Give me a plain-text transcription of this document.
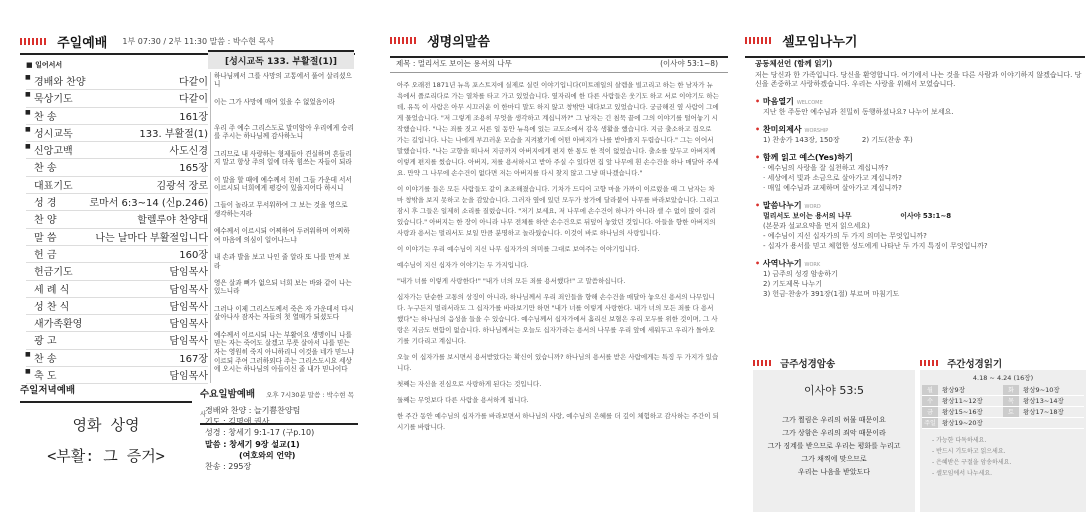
주일예배 1부 07:30 / 2부 11:30 말씀 : 박수현 목사
■ 일어서서
■ 경배와 찬양	다같이
■ 묵상기도	다같이
■ 찬 송	161장
■ 성시교독	133. 부활절(1)
■ 신앙고백	사도신경
찬 송	165장
대표기도	김광석 장로
성 경	로마서 6:3~14 (신p.246)
찬 양	할렐루야 찬양대
말 씀	나는 날마다 부활절입니다
헌 금	160장
헌금기도	담임목사
세 례 식	담임목사
성 찬 식	담임목사
새가족환영	담임목사
광 고	담임목사
■ 찬 송	167장
■ 축 도	담임목사
[성시교독 133. 부활절(1)]
하나님께서 그를 사망의 고통에서 풀어 살리셨으니
이는 그가 사망에 매여 있을 수 없었음이라
우리 주 예수 그리스도로 말미암아 우리에게 승리를 주시는 하나님께 감사하노니
그리므로 내 사랑하는 형제들아 견실하며 흔들리지 말고 항상 주의 일에 더욱 힘쓰는 자들이 되라
이 말을 할 때에 예수께서 친히 그들 가운데 서서 이르시되 너희에게 평강이 있을지어다 하시니
그들이 놀라고 무서워하여 그 보는 것을 영으로 생각하는지라
예수께서 이르시되 어찌하여 두려워하며 어찌하여 마음에 의심이 일어나느냐
내 손과 발을 보고 나인 줄 알라 또 나를 만져 보라
영은 살과 뼈가 없으되 너희 보는 바와 같이 나는 있느니라
그러나 이제 그리스도께서 죽은 자 가운데서 다시 살아나사 잠자는 자들의 첫 열매가 되셨도다
예수께서 이르시되 나는 부활이요 생명이니 나를 믿는 자는 죽어도 살겠고 무릇 살아서 나를 믿는 자는 영원히 죽지 아니하리니 이것을 네가 믿느냐
이르되 주여 그러하외다 주는 그리스도시요 세상에 오시는 하나님의 아들이신 줄 내가 믿나이다
주일저녁예배
영화 상영
<부활: 그 증거>
수요일밤예배 오후 7시30분 말씀 : 박수현 목사
경배와 찬양 : 늘기쁨찬양팀
기도 : 김명애 권사
성경 : 창세기 9:1-17 (구p.10)
말씀 : 창세기 9장 설교(1)
(여호와의 언약)
찬송 : 295장
생명의말씀
제목 : 멀리서도 보이는 용서의 나무	(이사야 53:1~8)

아주 오래전 1871년 뉴욕 포스트지에 실제로 실린 이야기입니다(미트레일의 살렘을 빌고리고 하는 한 남자가 뉴욕에서 플로리다로 가는 열차를 타고 가고 있었습니다. 옆자리에 한 다른 사람들은 웃기도 하고 서로 이야기도 하는데, 유독 이 사람은 아무 시끄러운 이 한마디 말도 하지 않고 창밖만 내다보고 있었습니다. 궁금해진 옆 사람이 그에게 물었습니다. "저 그렇게 조용히 무엇을 생각하고 계십니까?" 그 남자는 긴 침묵 끝에 그의 이야기를 털어놓기 시작했습니다. "나는 죄를 짓고 서른 일 동안 뉴욕에 있는 교도소에서 감옥 생활을 했습니다. 지금 출소하고 집으로 가는 길입니다. 나는 나에게 부끄러운 모습을 지켜봤기에 어떤 아버지가 나를 받아줄지 두렵습니다." 그는 이어서 말했습니다. "나는 고향을 떠나서 지금까지 아버지에게 편지 한 통도 한 적이 없었습니다. 출소를 앞두고 아버지께 이렇게 편지를 썼습니다. 아버지, 저를 용서하시고 받아 주실 수 있다면 집 앞 나무에 흰 손수건을 하나 매달아 주세요. 만약 그 나무에 손수건이 없다면 저는 아버지를 다시 찾지 않고 그냥 떠나겠습니다."

이 이야기를 들은 모든 사람들도 같이 초조해졌습니다. 기차가 드디어 고향 마을 가까이 이르렀을 때 그 남자는 차마 창밖을 보지 못하고 눈을 감았습니다. 그러자 옆에 있던 모두가 창가에 달라붙어 나무를 바라보았습니다. 그리고 잠시 후 그들은 일제히 소리를 질렀습니다. "저기 보세요, 저 나무에 손수건이 하나가 아니라 셀 수 없이 많이 걸려 있습니다." 아버지는 한 장이 아니라 나무 전체를 하얀 손수건으로 뒤덮어 놓았던 것입니다. 아들을 향한 아버지의 사랑과 용서는 멀리서도 보일 만큼 분명하고 놀라웠습니다. 이것이 바로 하나님의 사랑입니다.

이 이야기는 우리 예수님이 지신 나무 십자가의 의미를 그대로 보여주는 이야기입니다.

예수님이 지신 십자가 이야기는 두 가지입니다.

"내가 너를 이렇게 사랑한다!" "내가 너의 모든 죄를 용서했다!" 고 말씀하십니다.

십자가는 단순한 고통의 상징이 아니라, 하나님께서 우리 죄인들을 향해 손수건을 매달아 놓으신 용서의 나무입니다. 누구든지 멀리서라도 그 십자가를 바라보기만 하면 "내가 너를 이렇게 사랑한다. 내가 너의 모든 죄를 다 용서했다"는 하나님의 음성을 들을 수 있습니다. 예수님께서 십자가에서 흘리신 보혈은 우리 모두를 위한 것이며, 그 사랑은 지금도 변함이 없습니다. 하나님께서는 오늘도 십자가라는 용서의 나무를 우리 앞에 세워두고 우리가 돌아오기를 기다리고 계십니다.

오늘 이 십자가를 보시면서 용서받았다는 확신이 있습니까? 하나님의 용서를 받은 사람에게는 특징 두 가지가 있습니다.

첫째는 자신을 진심으로 사랑하게 된다는 것입니다.

둘째는 무엇보다 다른 사람을 용서하게 됩니다.

한 주간 동안 예수님의 십자가를 바라보면서 하나님의 사랑, 예수님의 은혜를 더 깊이 체험하고 감사하는 주간이 되시기를 바랍니다.

셀모임나누기
공동체선언 (함께 읽기)
저는 당신과 한 가족입니다. 당신을 환영합니다. 여기에서 나는 것을 다른 사람과 이야기하지 않겠습니다. 당신을 존중하고 사랑하겠습니다. 우리는 사랑을 위해서 모였습니다.
• 마음열기 WELCOME
지난 한 주동안 예수님과 친밀히 동행하셨나요? 나누어 보세요.
• 찬미의제사 WORSHIP
1) 찬송가 143장, 150장          2) 기도(찬송 후)
• 함께 읽고 예스(Yes)하기
· 예수님의 사랑을 잘 실천하고 계십니까?
· 세상에서 빛과 소금으로 살아가고 계십니까?
· 매일 예수님과 교제하며 살아가고 계십니까?
• 말씀나누기 WORD
멀리서도 보이는 용서의 나무                    이사야 53:1~8
(본문과 설교요약을 먼저 읽으세요)
- 예수님이 지신 십자가의 두 가지 의미는 무엇입니까?
- 십자가 용서를 믿고 체험한 성도에게 나타난 두 가지 특징이 무엇입니까?
• 사역나누기 WORK
1) 금주의 성경 암송하기
2) 기도제목 나누기
3) 헌금·찬송가 391장(1절) 부르며 마침기도
금주성경암송
이사야 53:5
그가 찔림은 우리의 허물 때문이요
그가 상함은 우리의 죄악 때문이라
그가 징계를 받으므로 우리는 평화를 누리고
그가 채찍에 맞으므로
우리는 나음을 받았도다
주간성경읽기
4.18 ~ 4.24 (16장)
월	왕상9장	화	왕상9~10장
수	왕상11~12장	목	왕상13~14장
금	왕상15~16장	토	왕상17~18장
주일 왕상19~20장
- 가능한 다독하세요.
- 반드시 기도하고 읽으세요.
- 은혜받은 구절을 암송하세요.
- 셀모임에서 나누세요.
